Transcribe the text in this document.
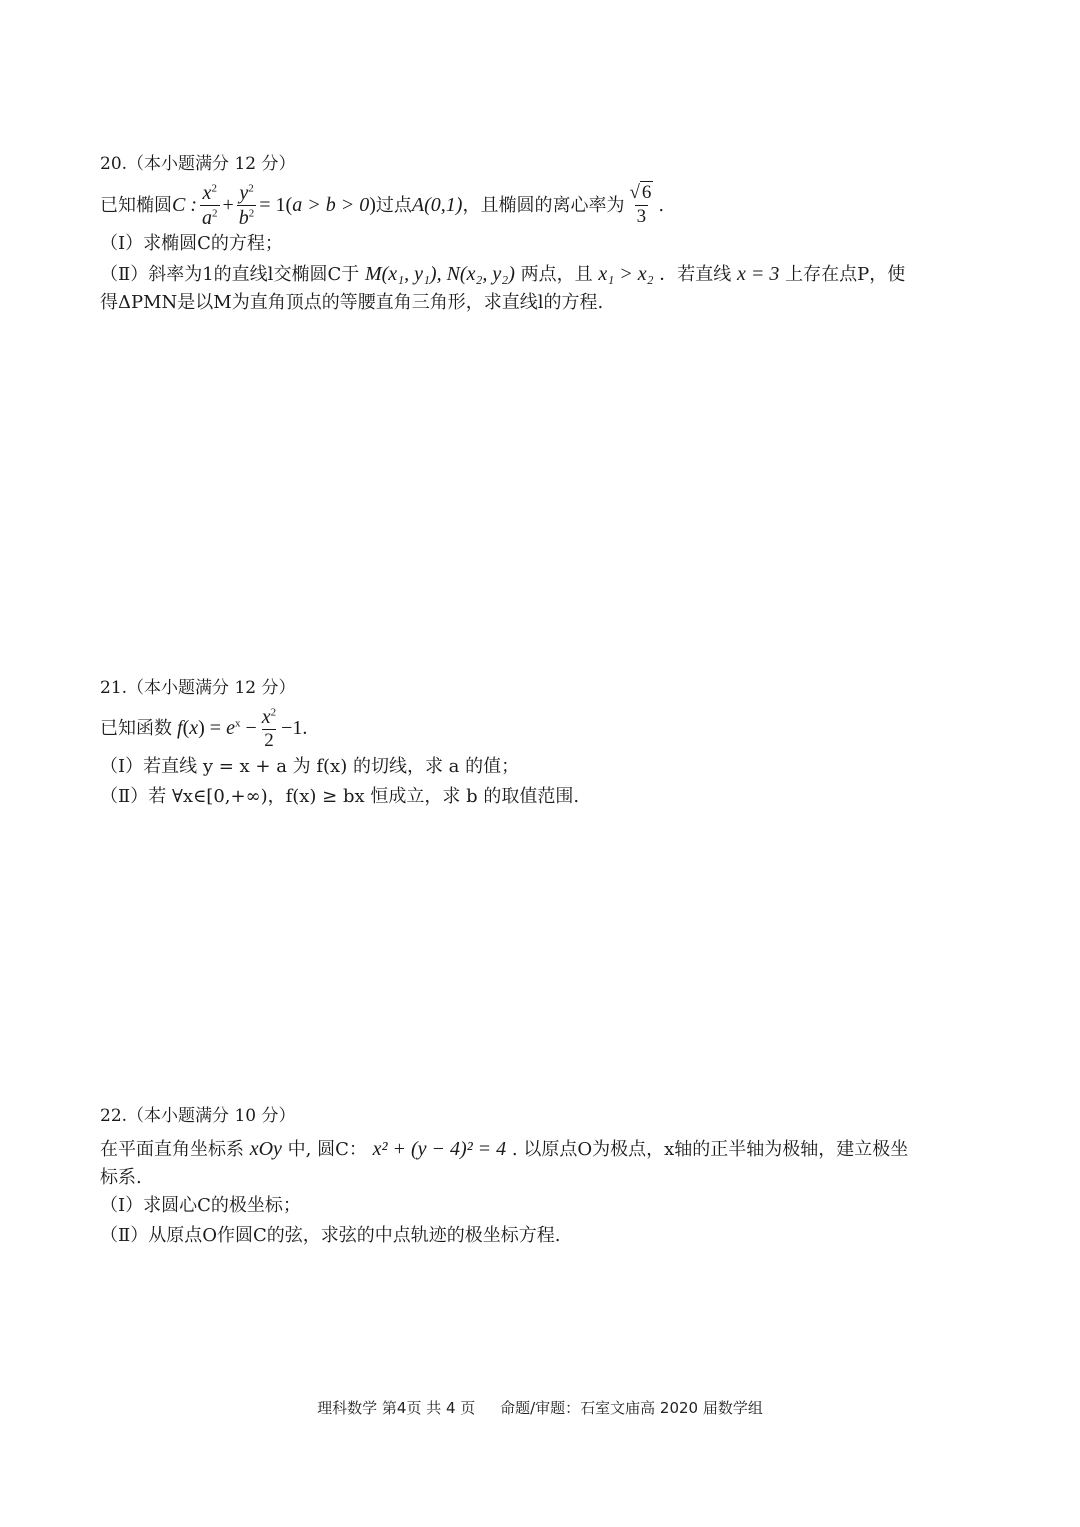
20.（本小题满分 12 分）
已知椭圆 C : $\frac{x^2}{a^2} + \frac{y^2}{b^2} = 1(a > b > 0)$ 过点 A(0,1) ，且椭圆的离心率为 $\frac{√ 6}{3}$ .
（Ⅰ）求椭圆C的方程；
（Ⅱ）斜率为1的直线l交椭圆C于 M(x₁, y₁), N(x₂, y₂) 两点，且 x₁ > x₂ ．若直线 x = 3 上存在点P，使
得ΔPMN是以M为直角顶点的等腰直角三角形，求直线l的方程.
21.（本小题满分 12 分）
已知函数 $f(x) = e^x - \frac{x^2}{2} -1$.
（Ⅰ）若直线 y = x + a 为 f(x) 的切线，求 a 的值；
（Ⅱ）若 ∀x∈[0,+∞)，f(x) ≥ bx 恒成立，求 b 的取值范围.
22.（本小题满分 10 分）
在平面直角坐标系 xOy 中, 圆C： x² + (y − 4)² = 4 . 以原点O为极点，x轴的正半轴为极轴，建立极坐
标系.
（Ⅰ）求圆心C的极坐标；
（Ⅱ）从原点O作圆C的弦，求弦的中点轨迹的极坐标方程.
理科数学 第4页 共 4 页 命题/审题：石室文庙高 2020 届数学组
